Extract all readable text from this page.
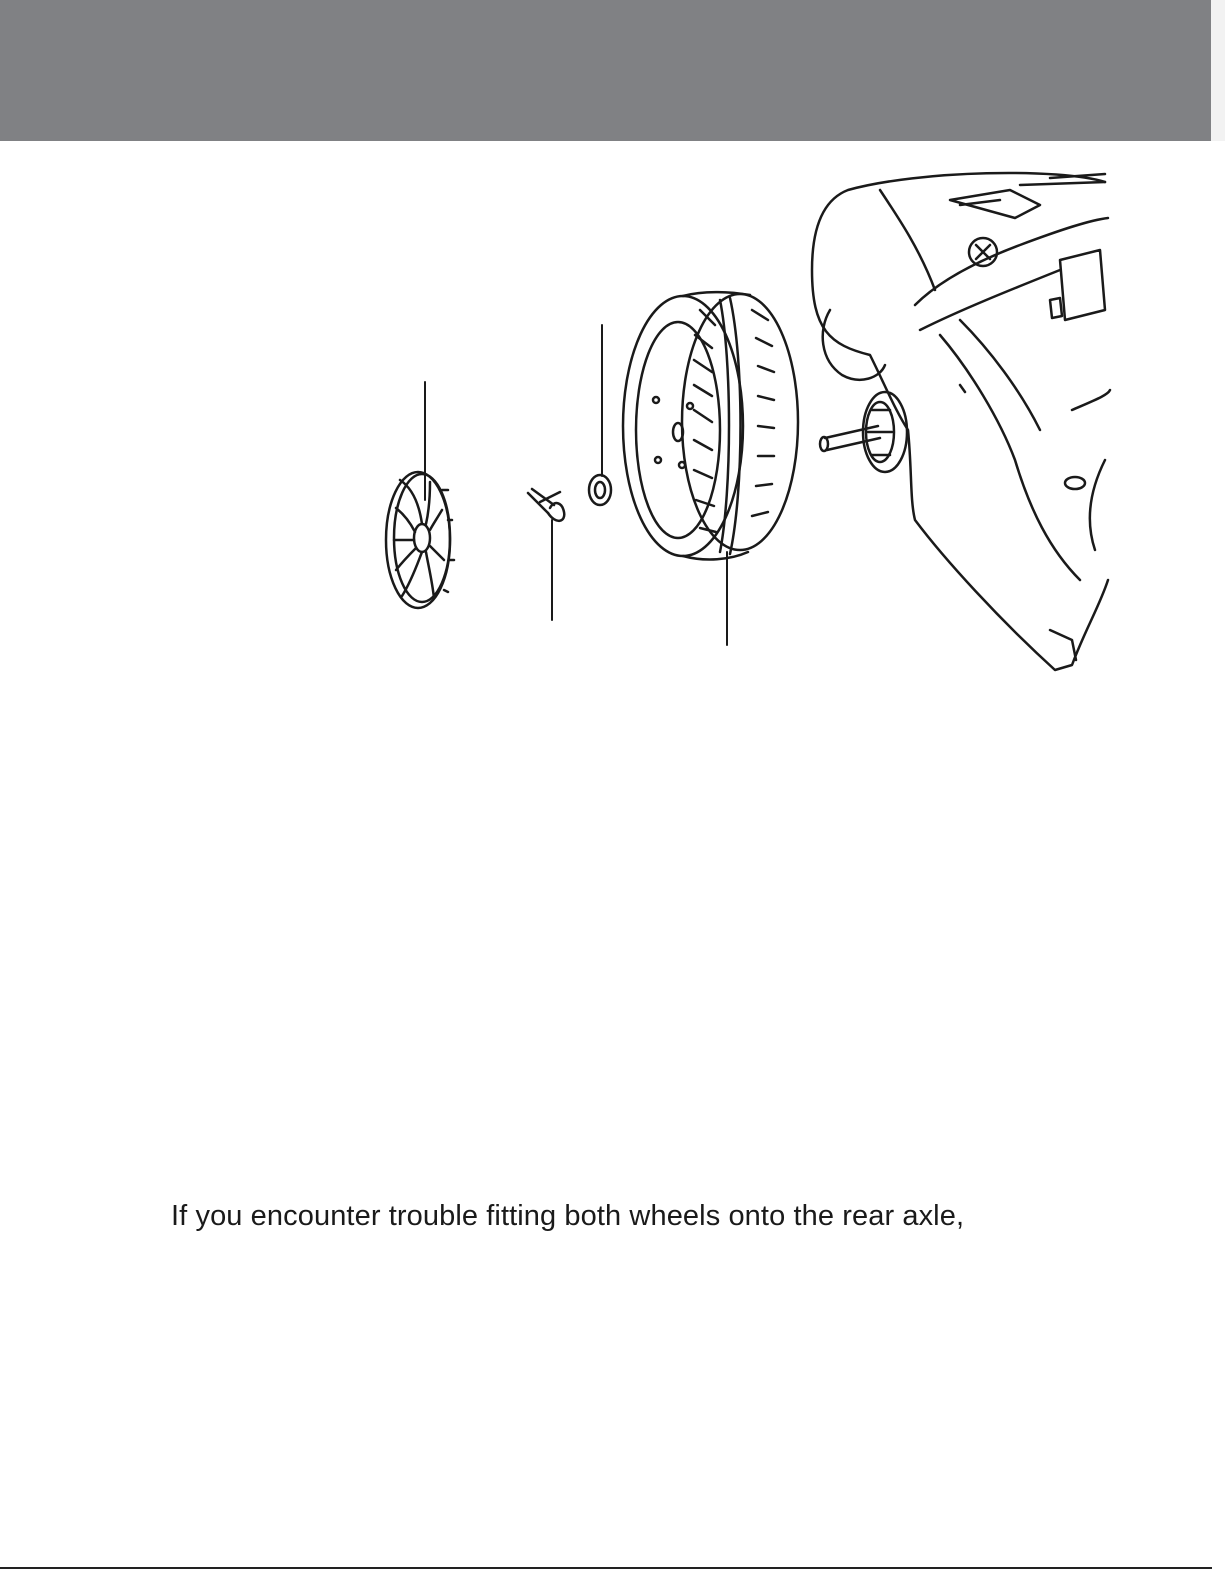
If you encounter trouble fitting both wheels onto the rear axle,
